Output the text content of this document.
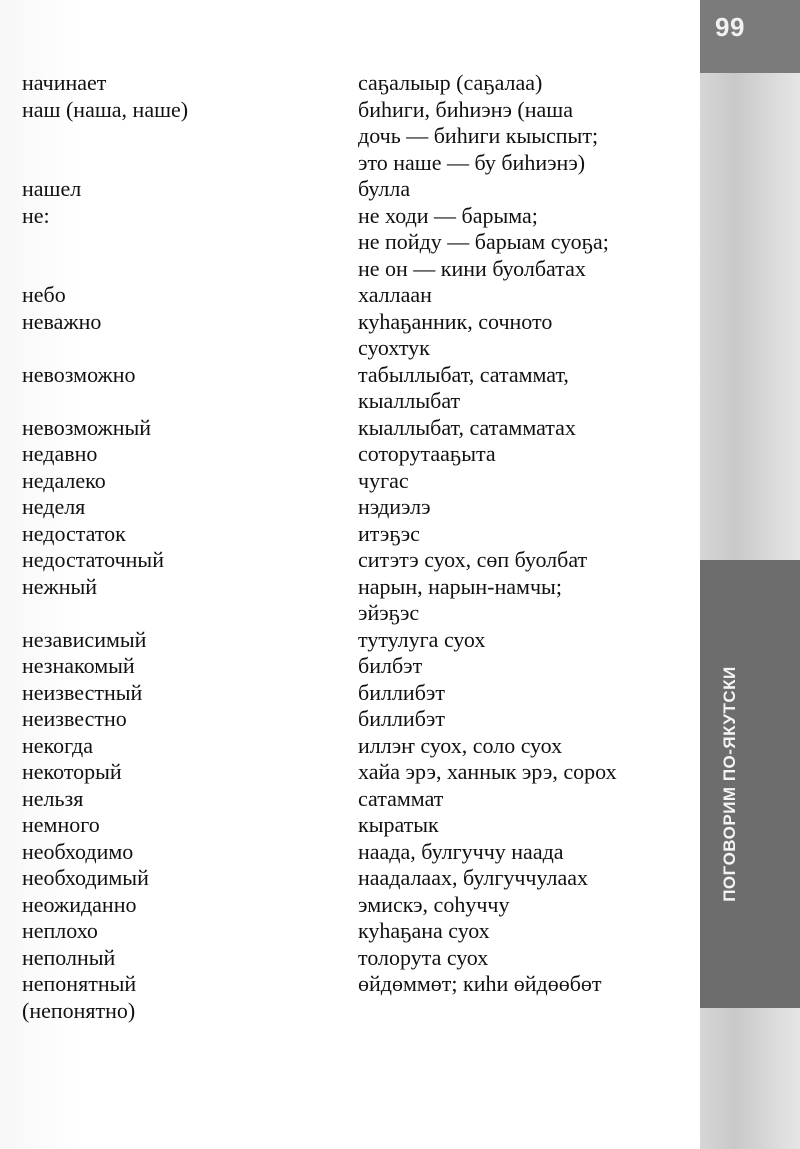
99
ПОГОВОРИМ ПО-ЯКУТСКИ
начинает	саҕалыыр (саҕалаа)
наш (наша, наше)	биhиги, биhиэнэ (наша
дочь — биhиги кыыспыт;
это наше — бу биhиэнэ)
нашел	булла
не:	не ходи — барыма;
не пойду — барыам суоҕа;
не он — кини буолбатах
небо	халлаан
неважно	куhаҕанник, сочното
суохтук
невозможно	табыллыбат, сатаммат,
кыаллыбат
невозможный	кыаллыбат, сатамматах
недавно	соторутааҕыта
недалеко	чугас
неделя	нэдиэлэ
недостаток	итэҕэс
недостаточный	ситэтэ суох, сөп буолбат
нежный	нарын, нарын-намчы;
эйэҕэс
независимый	тутулуга суох
незнакомый	билбэт
неизвестный	биллибэт
неизвестно	биллибэт
некогда	иллэҥ суох, соло суох
некоторый	хайа эрэ, ханнык эрэ, сорох
нельзя	сатаммат
немного	кыратык
необходимо	наада, булгуччу наада
необходимый	наадалаах, булгуччулаах
неожиданно	эмискэ, соhуччу
неплохо	куhаҕана суох
неполный	толорута суох
непонятный	өйдөммөт; киhи өйдөөбөт
(непонятно)
